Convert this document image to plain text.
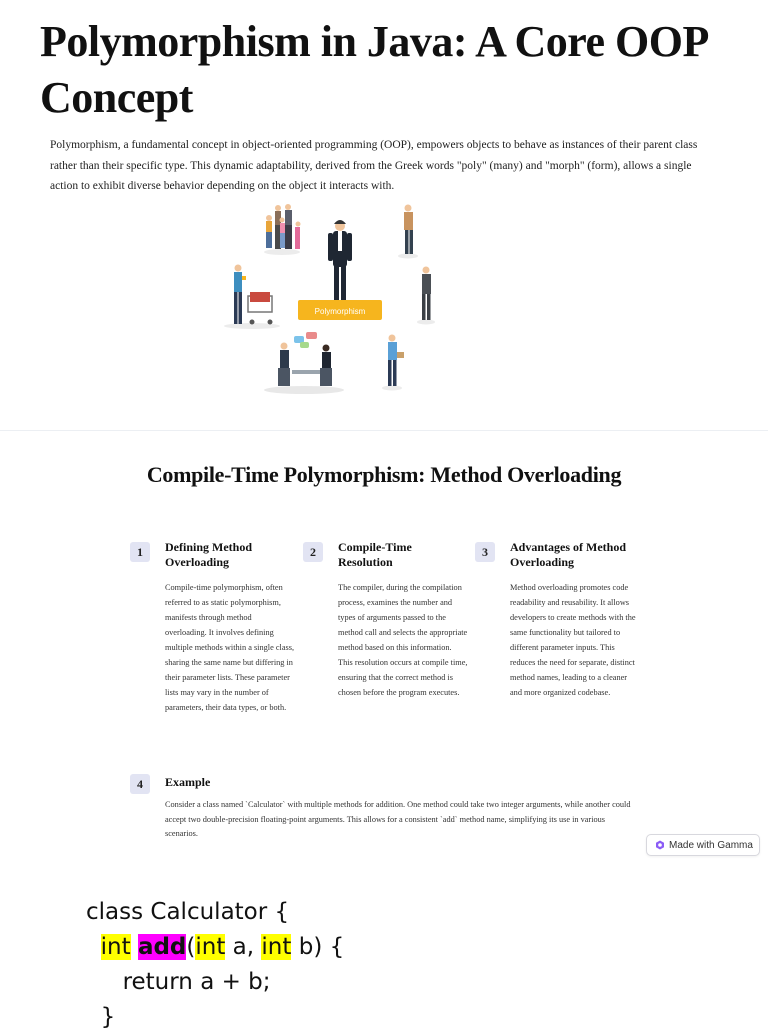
Polymorphism in Java: A Core OOP Concept

Polymorphism, a fundamental concept in object-oriented programming (OOP), empowers objects to behave as instances of their parent class rather than their specific type. This dynamic adaptability, derived from the Greek words "poly" (many) and "morph" (form), allows a single action to exhibit diverse behavior depending on the object it interacts with.

Polymorphism
Compile-Time Polymorphism: Method Overloading
1	Defining Method Overloading

Compile-time polymorphism, often referred to as static polymorphism, manifests through method overloading. It involves defining multiple methods within a single class, sharing the same name but differing in their parameter lists. These parameter lists may vary in the number of parameters, their data types, or both.

2	Compile-Time Resolution

The compiler, during the compilation process, examines the number and types of arguments passed to the method call and selects the appropriate method based on this information. This resolution occurs at compile time, ensuring that the correct method is chosen before the program executes.

3	Advantages of Method Overloading

Method overloading promotes code readability and reusability. It allows developers to create methods with the same functionality but tailored to different parameter inputs. This reduces the need for separate, distinct method names, leading to a cleaner and more organized codebase.

4	Example

Consider a class named `Calculator` with multiple methods for addition. One method could take two integer arguments, while another could accept two double-precision floating-point arguments. This allows for a consistent `add` method name, simplifying its use in various scenarios.

Made with Gamma
class Calculator {
int add(int a, int b) {
return a + b;
}
